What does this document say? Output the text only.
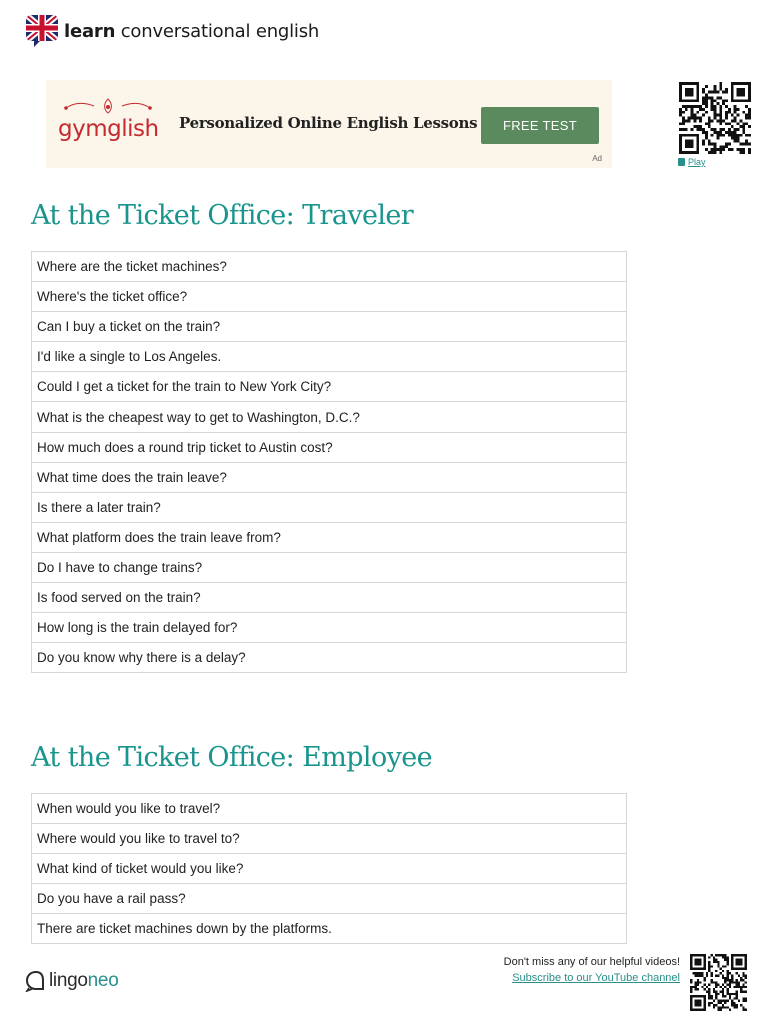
learn conversational english
gymglish Personalized Online English Lessons	FREE TEST
Ad	Play
At the Ticket Office: Traveler
Where are the ticket machines?
Where's the ticket office?
Can I buy a ticket on the train?
I'd like a single to Los Angeles.
Could I get a ticket for the train to New York City?
What is the cheapest way to get to Washington, D.C.?
How much does a round trip ticket to Austin cost?
What time does the train leave?
Is there a later train?
What platform does the train leave from?
Do I have to change trains?
Is food served on the train?
How long is the train delayed for?
Do you know why there is a delay?
At the Ticket Office: Employee
When would you like to travel?
Where would you like to travel to?
What kind of ticket would you like?
Do you have a rail pass?
There are ticket machines down by the platforms.
lingoneo
Don't miss any of our helpful videos!
Subscribe to our YouTube channel
